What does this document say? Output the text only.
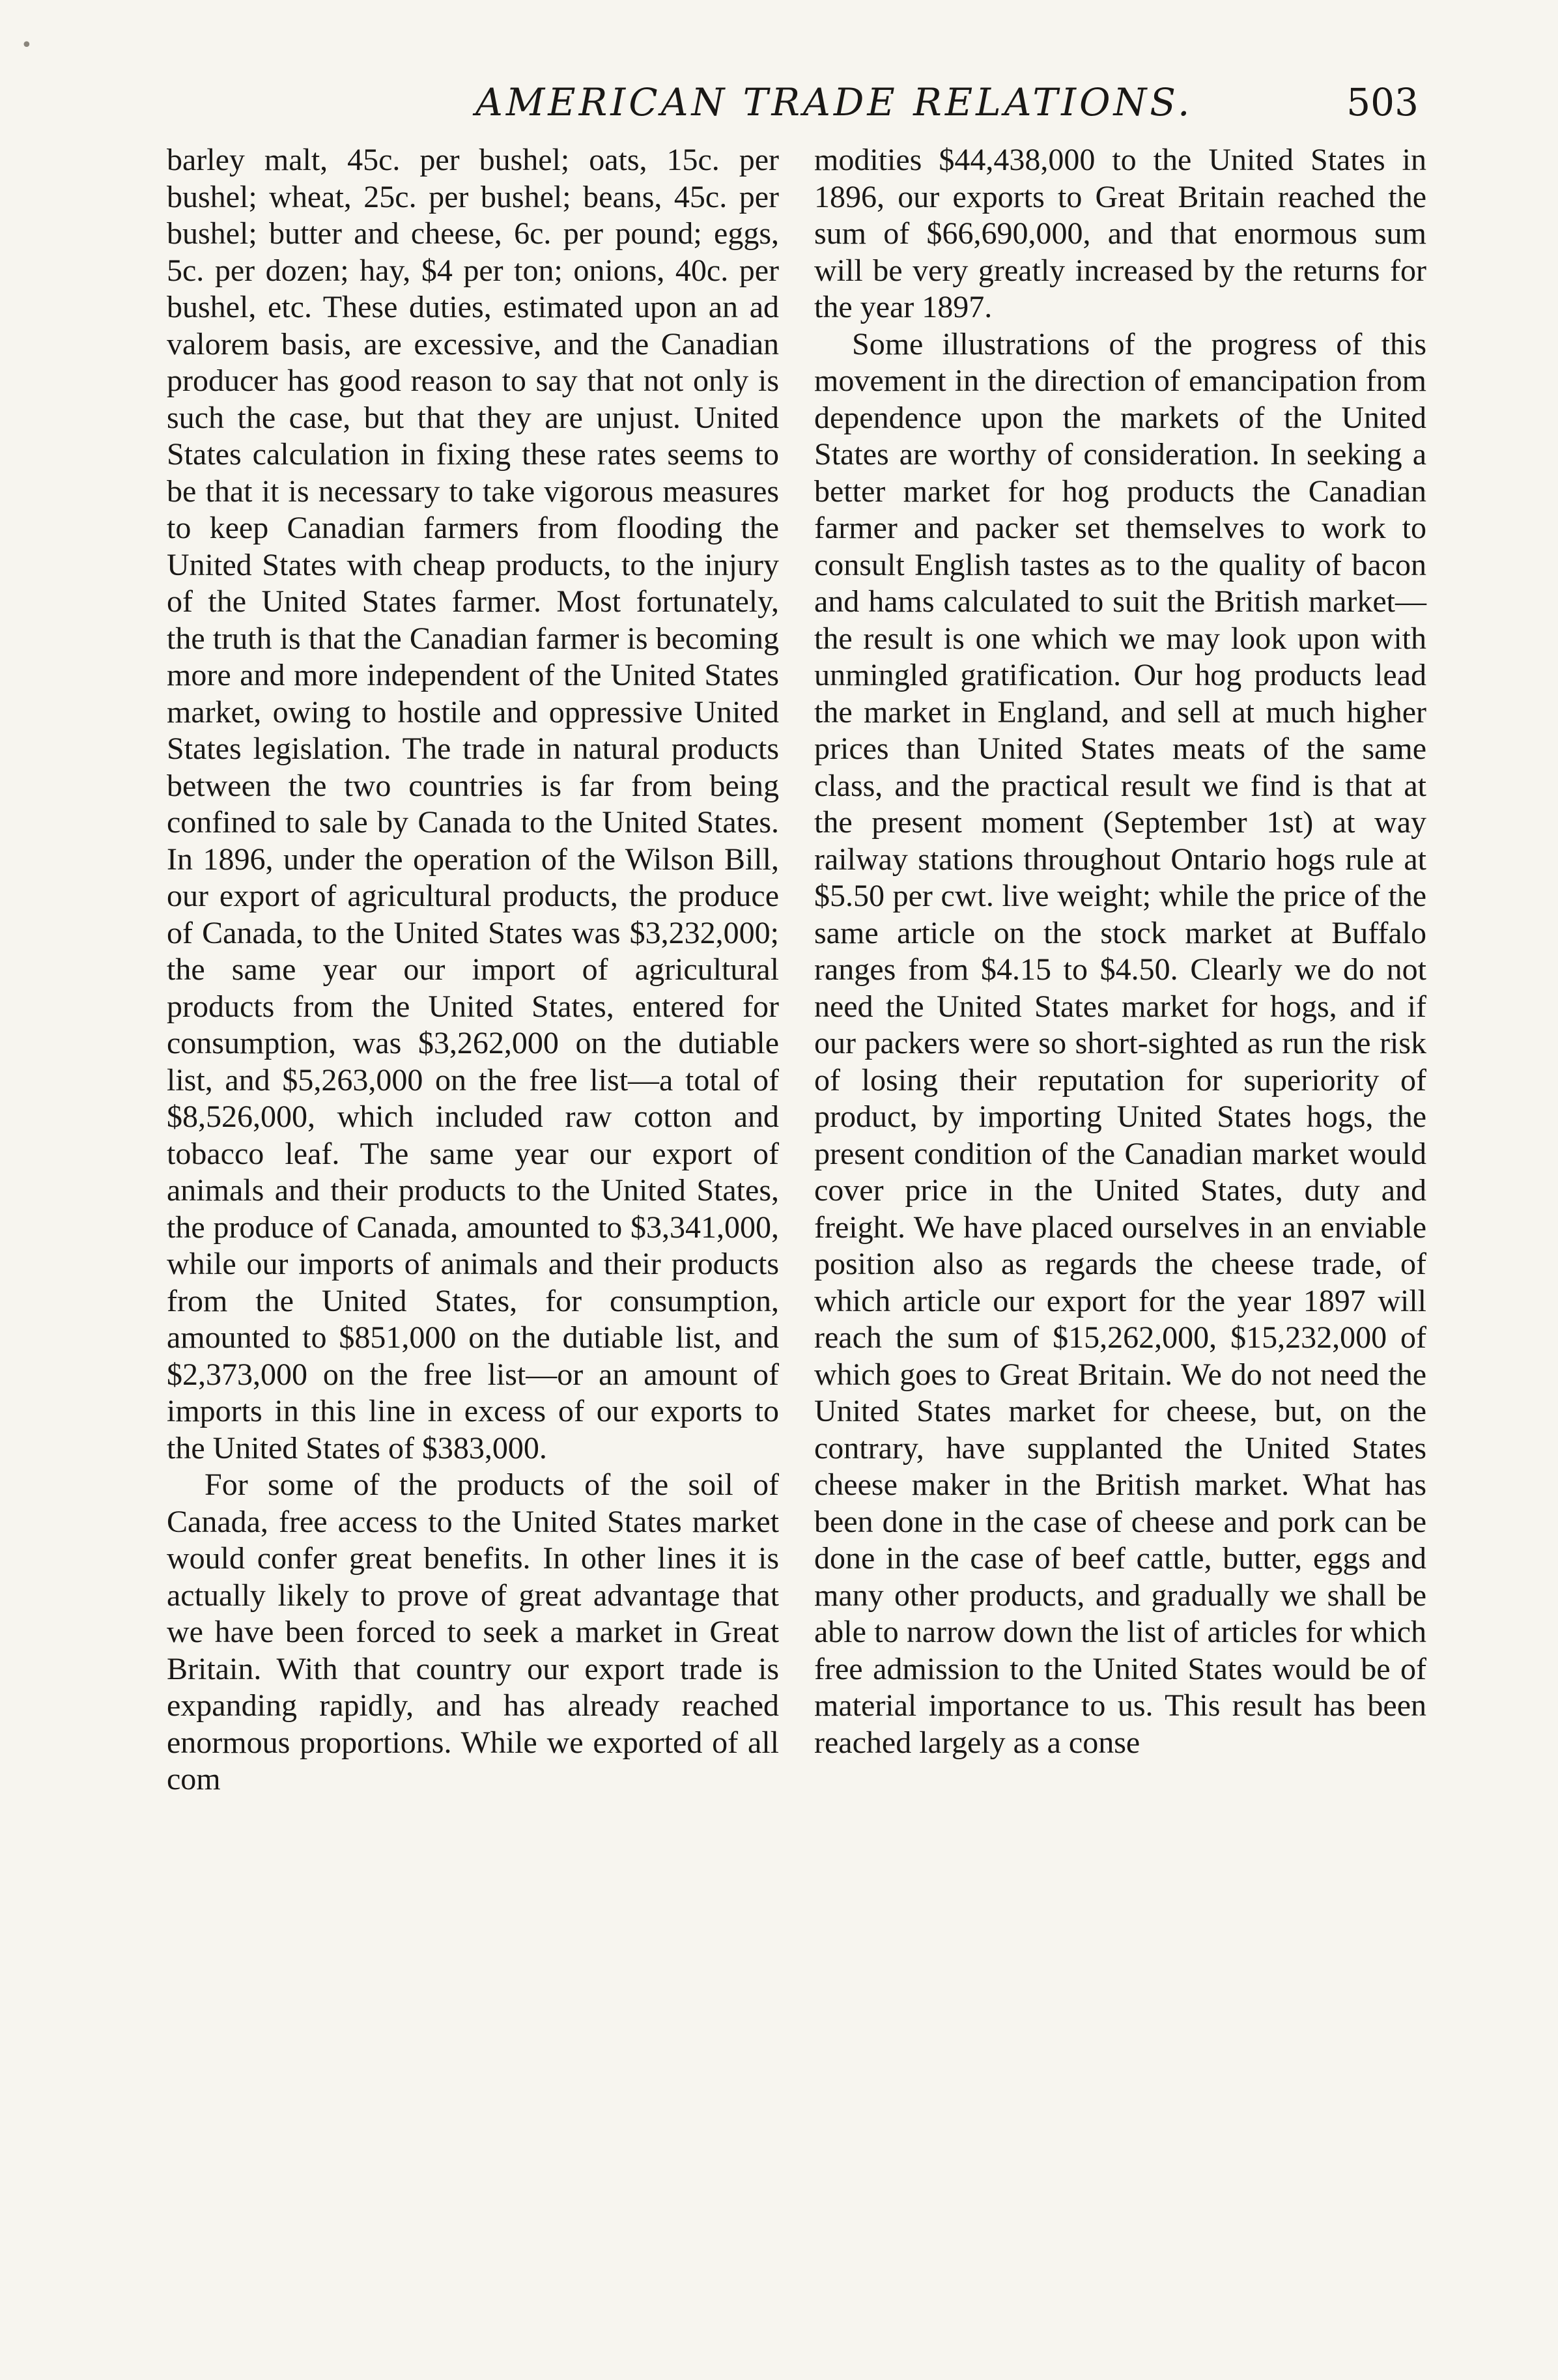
•
AMERICAN TRADE RELATIONS.	503

barley malt, 45c. per bushel; oats, 15c. per bushel; wheat, 25c. per bushel; beans, 45c. per bushel; butter and cheese, 6c. per pound; eggs, 5c. per dozen; hay, $4 per ton; onions, 40c. per bushel, etc. These duties, estimated upon an ad valorem basis, are excessive, and the Canadian producer has good reason to say that not only is such the case, but that they are unjust. United States calculation in fixing these rates seems to be that it is necessary to take vigorous measures to keep Canadian farmers from flooding the United States with cheap products, to the injury of the United States farmer. Most fortunately, the truth is that the Canadian farmer is becoming more and more independent of the United States market, owing to hostile and oppressive United States legislation. The trade in natural products between the two countries is far from being confined to sale by Canada to the United States. In 1896, under the operation of the Wilson Bill, our export of agricultural products, the produce of Canada, to the United States was $3,232,000; the same year our import of agricultural products from the United States, entered for consumption, was $3,262,000 on the dutiable list, and $5,263,000 on the free list—a total of $8,526,000, which included raw cotton and tobacco leaf. The same year our export of animals and their products to the United States, the produce of Canada, amounted to $3,341,000, while our imports of animals and their products from the United States, for consumption, amounted to $851,000 on the dutiable list, and $2,373,000 on the free list—or an amount of imports in this line in excess of our exports to the United States of $383,000.

For some of the products of the soil of Canada, free access to the United States market would confer great benefits. In other lines it is actually likely to prove of great advantage that we have been forced to seek a market in Great Britain. With that country our export trade is expanding rapidly, and has already reached enormous proportions. While we exported of all com

modities $44,438,000 to the United States in 1896, our exports to Great Britain reached the sum of $66,690,000, and that enormous sum will be very greatly increased by the returns for the year 1897.

Some illustrations of the progress of this movement in the direction of emancipation from dependence upon the markets of the United States are worthy of consideration. In seeking a better market for hog products the Canadian farmer and packer set themselves to work to consult English tastes as to the quality of bacon and hams calculated to suit the British market—the result is one which we may look upon with unmingled gratification. Our hog products lead the market in England, and sell at much higher prices than United States meats of the same class, and the practical result we find is that at the present moment (September 1st) at way railway stations throughout Ontario hogs rule at $5.50 per cwt. live weight; while the price of the same article on the stock market at Buffalo ranges from $4.15 to $4.50. Clearly we do not need the United States market for hogs, and if our packers were so short-sighted as run the risk of losing their reputation for superiority of product, by importing United States hogs, the present condition of the Canadian market would cover price in the United States, duty and freight. We have placed ourselves in an enviable position also as regards the cheese trade, of which article our export for the year 1897 will reach the sum of $15,262,000, $15,232,000 of which goes to Great Britain. We do not need the United States market for cheese, but, on the contrary, have supplanted the United States cheese maker in the British market. What has been done in the case of cheese and pork can be done in the case of beef cattle, butter, eggs and many other products, and gradually we shall be able to narrow down the list of articles for which free admission to the United States would be of material importance to us. This result has been reached largely as a conse
